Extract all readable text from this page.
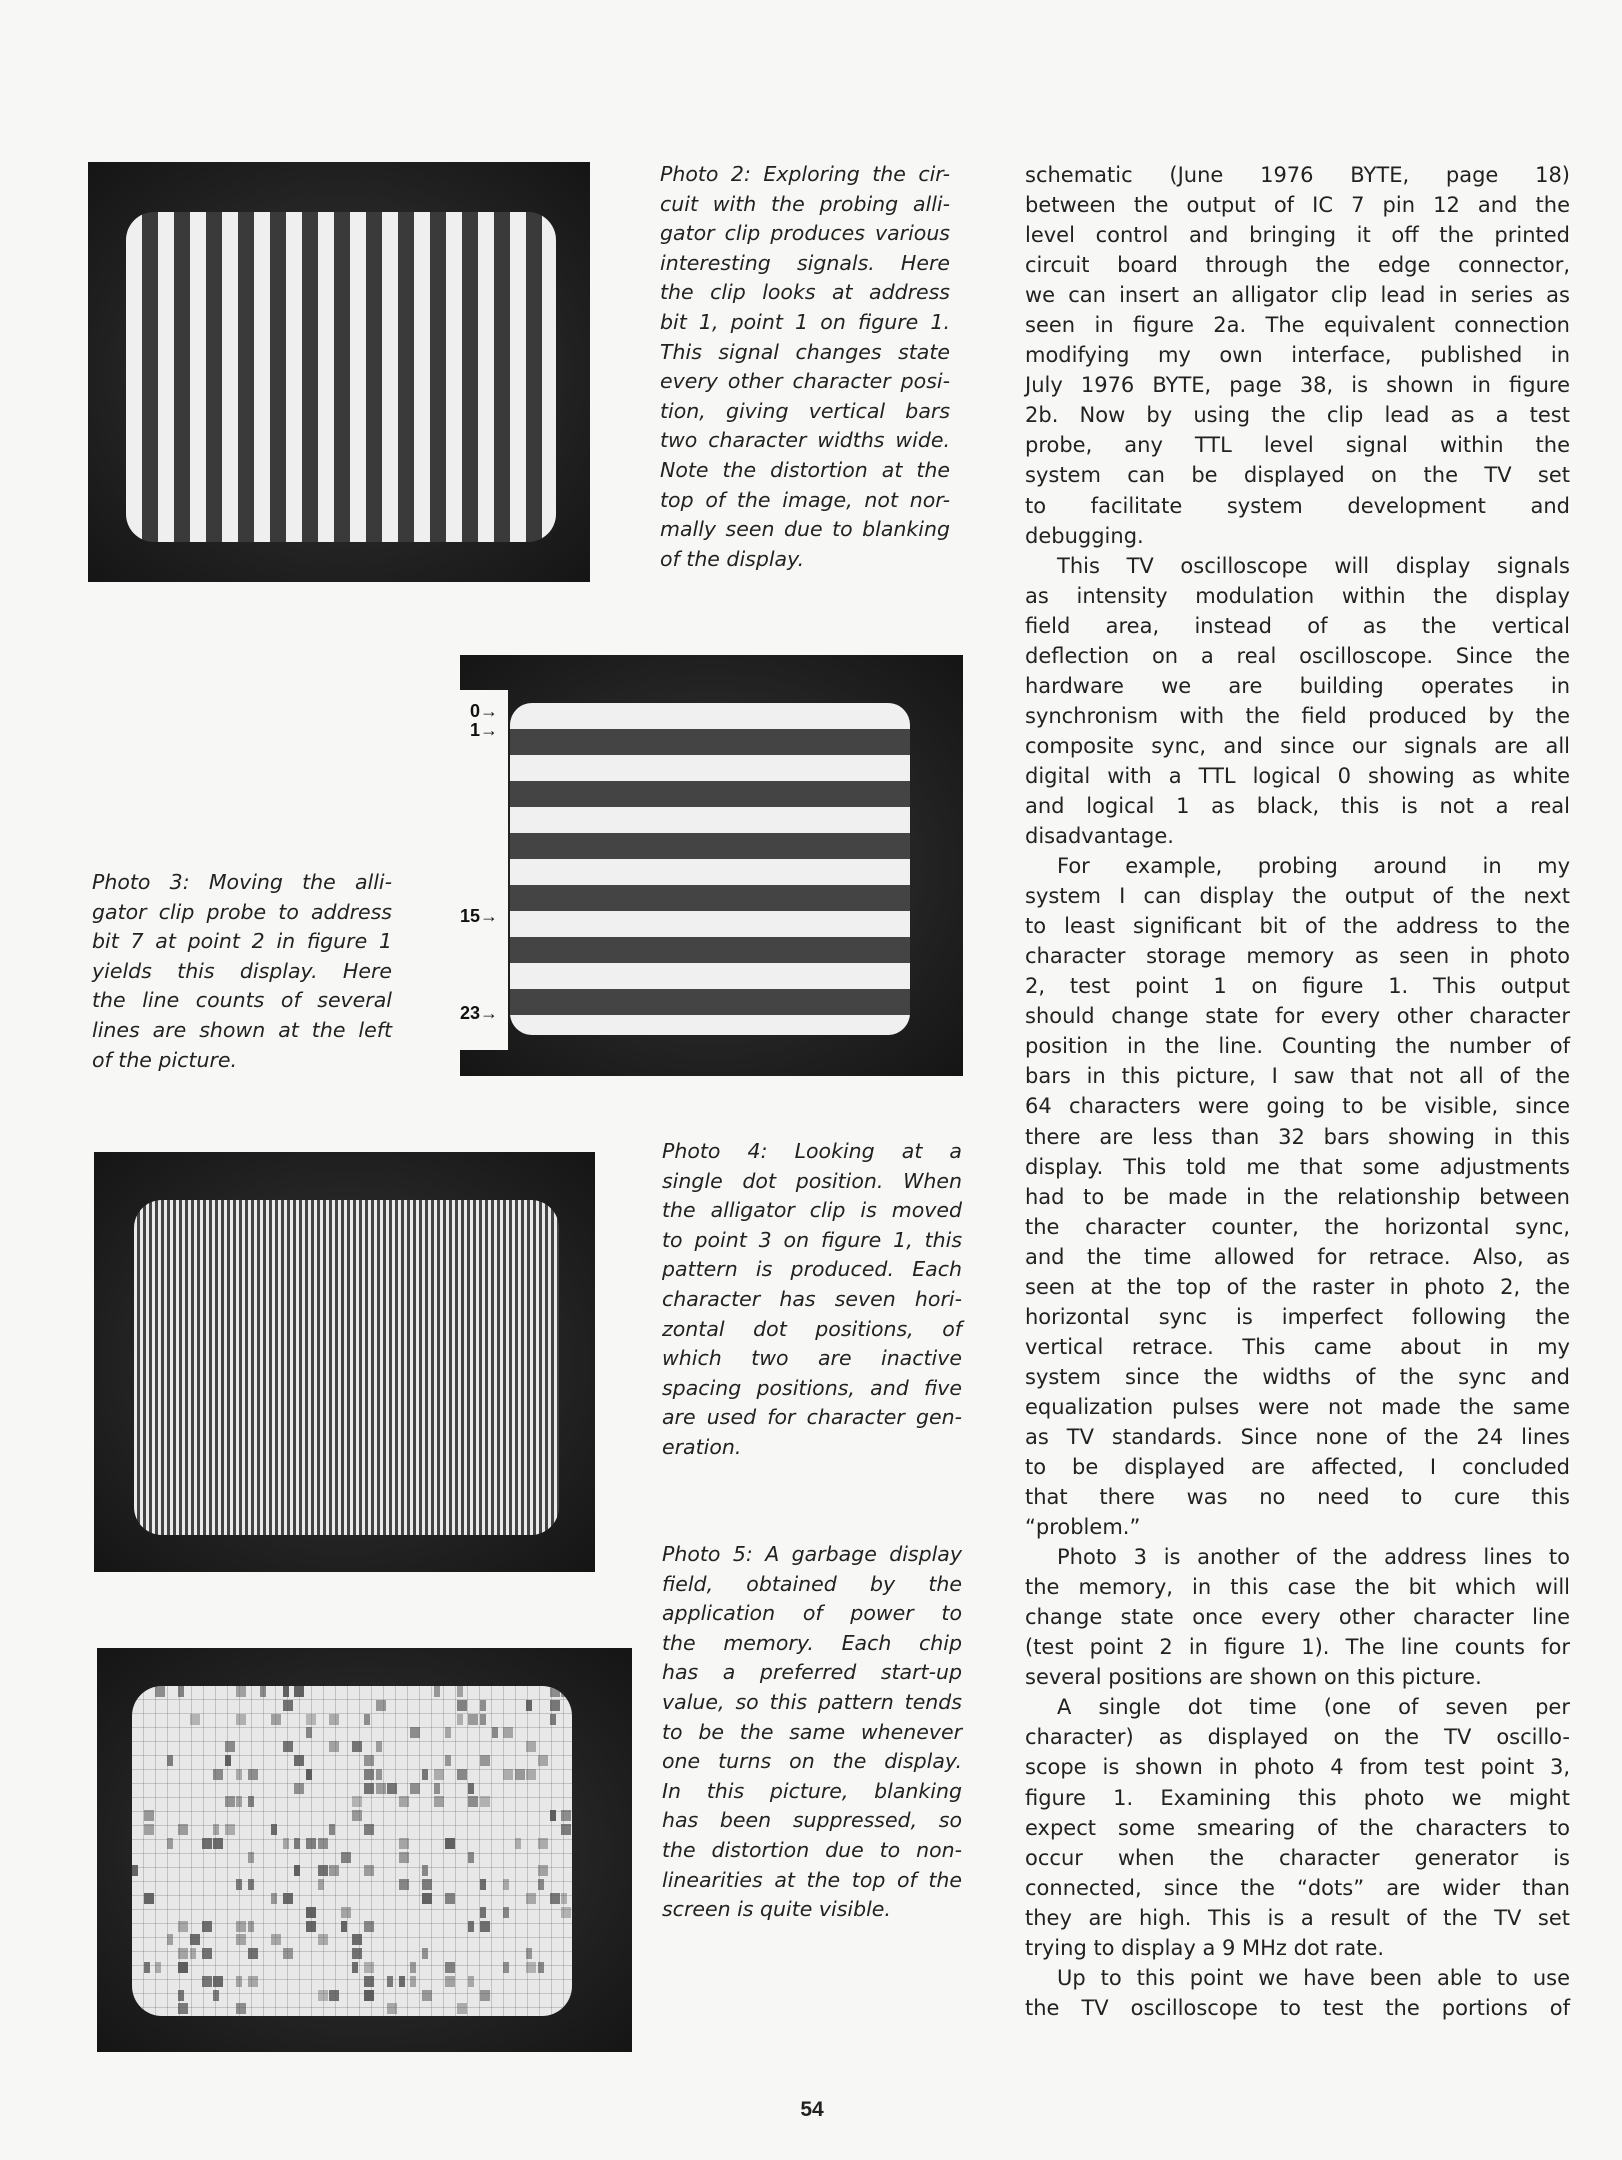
Photo 2: Exploring the cir-
cuit with the probing alli-
gator clip produces various
interesting signals. Here
the clip looks at address
bit 1, point 1 on figure 1.
This signal changes state
every other character posi-
tion, giving vertical bars
two character widths wide.
Note the distortion at the
top of the image, not nor-
mally seen due to blanking
of the display.
0→
1→
15→
23→
Photo 3: Moving the alli-
gator clip probe to address
bit 7 at point 2 in figure 1
yields this display. Here
the line counts of several
lines are shown at the left
of the picture.
Photo 4: Looking at a
single dot position. When
the alligator clip is moved
to point 3 on figure 1, this
pattern is produced. Each
character has seven hori-
zontal dot positions, of
which two are inactive
spacing positions, and five
are used for character gen-
eration.
Photo 5: A garbage display
field, obtained by the
application of power to
the memory. Each chip
has a preferred start-up
value, so this pattern tends
to be the same whenever
one turns on the display.
In this picture, blanking
has been suppressed, so
the distortion due to non-
linearities at the top of the
screen is quite visible.
schematic (June 1976 BYTE, page 18)
between the output of IC 7 pin 12 and the
level control and bringing it off the printed
circuit board through the edge connector,
we can insert an alligator clip lead in series as
seen in figure 2a. The equivalent connection
modifying my own interface, published in
July 1976 BYTE, page 38, is shown in figure
2b. Now by using the clip lead as a test
probe, any TTL level signal within the
system can be displayed on the TV set
to facilitate system development and
debugging.
This TV oscilloscope will display signals
as intensity modulation within the display
field area, instead of as the vertical
deflection on a real oscilloscope. Since the
hardware we are building operates in
synchronism with the field produced by the
composite sync, and since our signals are all
digital with a TTL logical 0 showing as white
and logical 1 as black, this is not a real
disadvantage.
For example, probing around in my
system I can display the output of the next
to least significant bit of the address to the
character storage memory as seen in photo
2, test point 1 on figure 1. This output
should change state for every other character
position in the line. Counting the number of
bars in this picture, I saw that not all of the
64 characters were going to be visible, since
there are less than 32 bars showing in this
display. This told me that some adjustments
had to be made in the relationship between
the character counter, the horizontal sync,
and the time allowed for retrace. Also, as
seen at the top of the raster in photo 2, the
horizontal sync is imperfect following the
vertical retrace. This came about in my
system since the widths of the sync and
equalization pulses were not made the same
as TV standards. Since none of the 24 lines
to be displayed are affected, I concluded
that there was no need to cure this
“problem.”
Photo 3 is another of the address lines to
the memory, in this case the bit which will
change state once every other character line
(test point 2 in figure 1). The line counts for
several positions are shown on this picture.
A single dot time (one of seven per
character) as displayed on the TV oscillo-
scope is shown in photo 4 from test point 3,
figure 1. Examining this photo we might
expect some smearing of the characters to
occur when the character generator is
connected, since the “dots” are wider than
they are high. This is a result of the TV set
trying to display a 9 MHz dot rate.
Up to this point we have been able to use
the TV oscilloscope to test the portions of
54
